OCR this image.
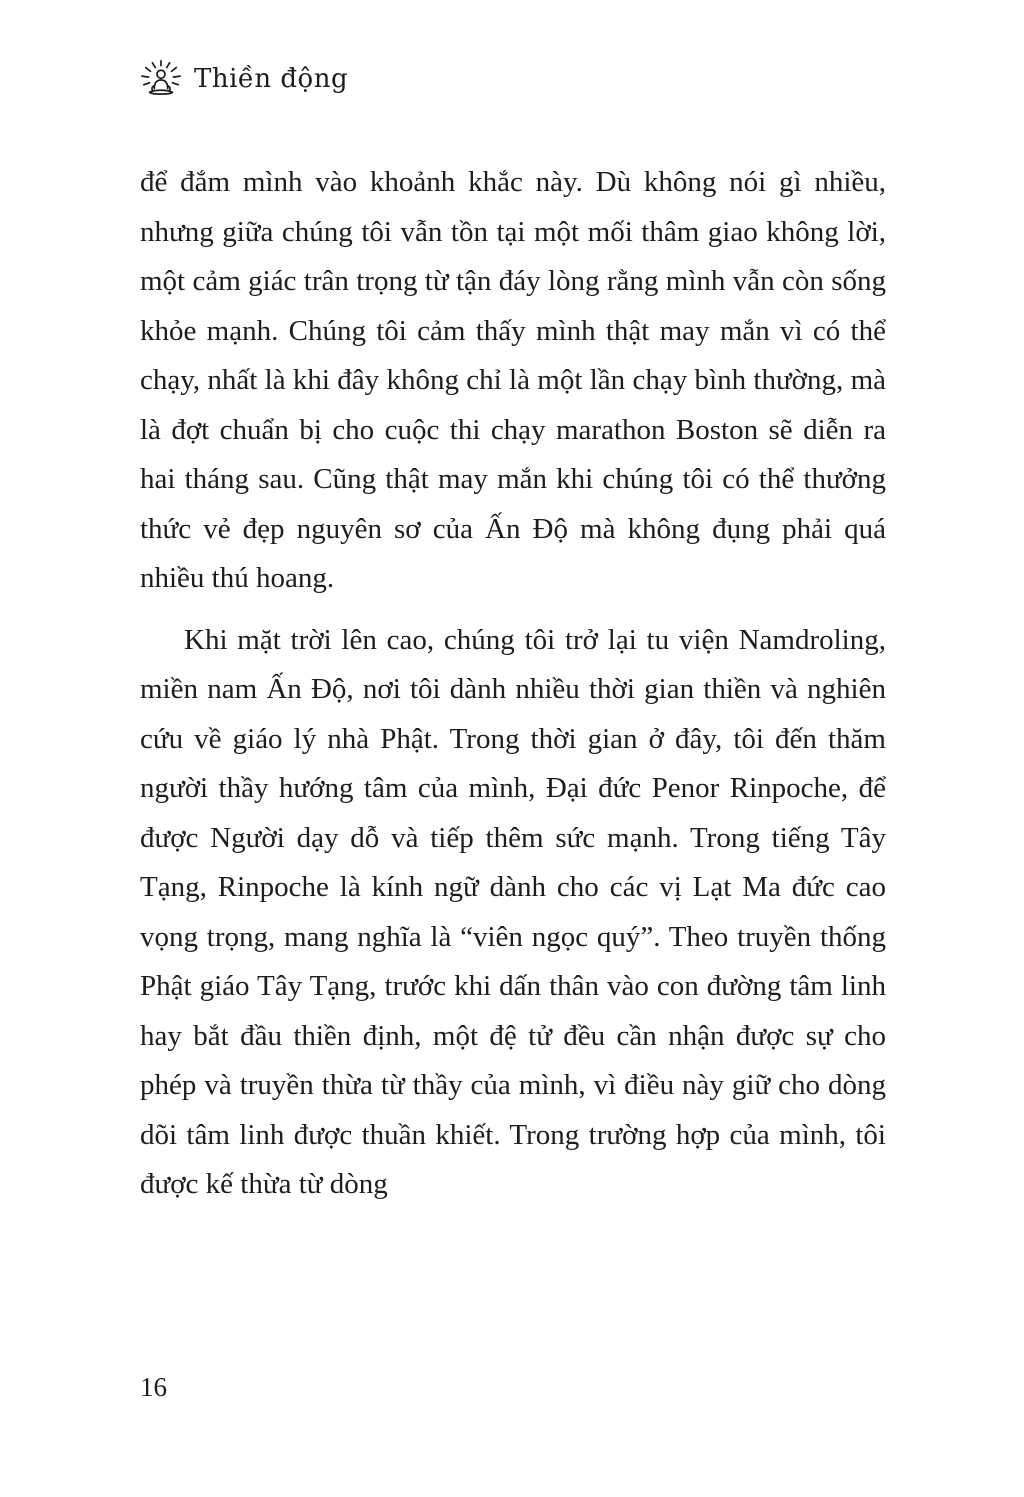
Thiền động

để đắm mình vào khoảnh khắc này. Dù không nói gì nhiều, nhưng giữa chúng tôi vẫn tồn tại một mối thâm giao không lời, một cảm giác trân trọng từ tận đáy lòng rằng mình vẫn còn sống khỏe mạnh. Chúng tôi cảm thấy mình thật may mắn vì có thể chạy, nhất là khi đây không chỉ là một lần chạy bình thường, mà là đợt chuẩn bị cho cuộc thi chạy marathon Boston sẽ diễn ra hai tháng sau. Cũng thật may mắn khi chúng tôi có thể thưởng thức vẻ đẹp nguyên sơ của Ấn Độ mà không đụng phải quá nhiều thú hoang.

Khi mặt trời lên cao, chúng tôi trở lại tu viện Namdroling, miền nam Ấn Độ, nơi tôi dành nhiều thời gian thiền và nghiên cứu về giáo lý nhà Phật. Trong thời gian ở đây, tôi đến thăm người thầy hướng tâm của mình, Đại đức Penor Rinpoche, để được Người dạy dỗ và tiếp thêm sức mạnh. Trong tiếng Tây Tạng, Rinpoche là kính ngữ dành cho các vị Lạt Ma đức cao vọng trọng, mang nghĩa là “viên ngọc quý”. Theo truyền thống Phật giáo Tây Tạng, trước khi dấn thân vào con đường tâm linh hay bắt đầu thiền định, một đệ tử đều cần nhận được sự cho phép và truyền thừa từ thầy của mình, vì điều này giữ cho dòng dõi tâm linh được thuần khiết. Trong trường hợp của mình, tôi được kế thừa từ dòng

16
